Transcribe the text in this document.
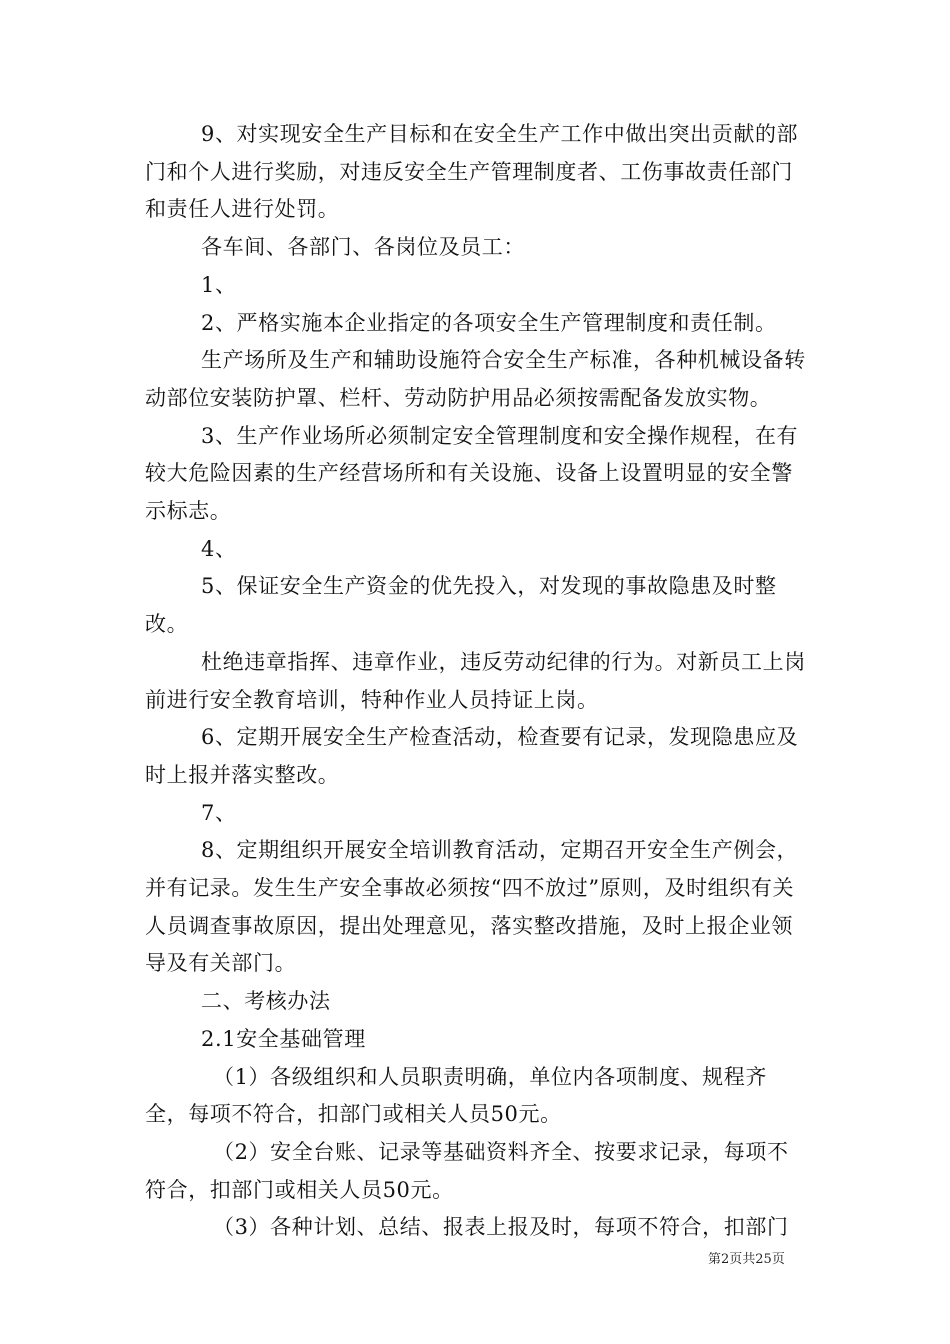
9、对实现安全生产目标和在安全生产工作中做出突出贡献的部门和个人进行奖励，对违反安全生产管理制度者、工伤事故责任部门和责任人进行处罚。

各车间、各部门、各岗位及员工：

1、

2、严格实施本企业指定的各项安全生产管理制度和责任制。

生产场所及生产和辅助设施符合安全生产标准，各种机械设备转动部位安装防护罩、栏杆、劳动防护用品必须按需配备发放实物。

3、生产作业场所必须制定安全管理制度和安全操作规程，在有较大危险因素的生产经营场所和有关设施、设备上设置明显的安全警示标志。

4、

5、保证安全生产资金的优先投入，对发现的事故隐患及时整改。

杜绝违章指挥、违章作业，违反劳动纪律的行为。对新员工上岗前进行安全教育培训，特种作业人员持证上岗。

6、定期开展安全生产检查活动，检查要有记录，发现隐患应及时上报并落实整改。

7、

8、定期组织开展安全培训教育活动，定期召开安全生产例会，并有记录。发生生产安全事故必须按“四不放过”原则，及时组织有关人员调查事故原因，提出处理意见，落实整改措施，及时上报企业领导及有关部门。

二、考核办法

2.1安全基础管理

（1）各级组织和人员职责明确，单位内各项制度、规程齐全，每项不符合，扣部门或相关人员50元。

（2）安全台账、记录等基础资料齐全、按要求记录，每项不符合，扣部门或相关人员50元。

（3）各种计划、总结、报表上报及时，每项不符合，扣部门

第2页共25页
